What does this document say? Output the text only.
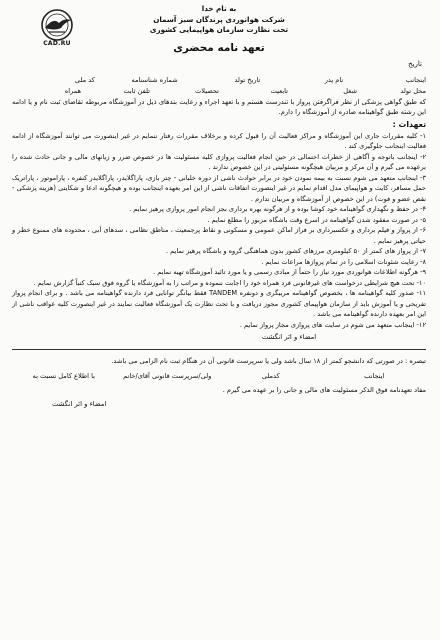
CAD.RU
به نام خدا
شرکت هوانوردی پرندگان سبز آسمان
تحت نظارت سازمان هواپیمایی کشوری
تعهد نامه محضری
تاریخ
اینجانب
نام پدر
تاریخ تولد
شماره شناسنامه
کد ملی
محل تولد
شغل
تابعیت
تحصیلات
تلفن ثابت
همراه
که طبق گواهی پزشکی از نظر فراگرفتن پرواز با تندرست هستم و با تعهد اجراء و رعایت بندهای ذیل در آموزشگاه مربوطه تقاضای ثبت نام و یا ادامه این رشته طبق گواهینامه صادره از آموزشگاه را دارم.
تعهدات :

۱- کلیه مقررات جاری این آموزشگاه و مراکز فعالیت آن را قبول کرده و برخلاف مقررات رفتار ننمایم در غیر اینصورت می توانند آموزشگاه از ادامه فعالیت اینجانب جلوگیری کند .

۲- اینجانب باتوجه و آگاهی از خطرات احتمالی در حین انجام فعالیت پروازی کلیه مسئولیت ها در خصوص ضرر و زیانهای مالی و جانی حادث شده را برعهده می گیرم و آن مرکز و مربیان هیچگونه مسئولیتی در این خصوص ندارند .

۳- اینجانب متعهد می شوم نسبت به بیمه نمودن خود در برابر حوادث ناشی از دوره خلبانی - چتر بازی، پاراگلایدر، پاراگلایدر کنفره ، پاراموتور ، پاراتریک حمل مسافر، کایت و هواپیمای مدل اقدام نمایم در غیر اینصورت اتفاقات ناشی از این امر بعهده اینجانب بوده و هیچگونه ادعا و شکایتی (هزینه پزشکی - نقص عضو و فوت) در این خصوص از آموزشگاه و مربیان ندارم .

۴- در حفظ و نگهداری گواهینامه خود کوشا بوده و از هرگونه بهره برداری بجز انجام امور پروازی پرهیز نمایم .

۵- در صورت مفقود شدن گواهینامه در اسرع وقت باشگاه مزبور را مطلع نمایم .

۶- از پرواز و فیلم برداری و عکسبرداری بر فراز اماکن عمومی و مسکونی و نقاط پرجمعیت ، مناطق نظامی ، سدهای آبی ، محدوده های ممنوع خطر و حیاتی پرهیز نمایم .

۷- از پرواز های کمتر از ۵۰ کیلومتری مرزهای کشور بدون هماهنگی گروه و باشگاه پرهیز نمایم .

۸- رعایت شئونات اسلامی را در تمام پروازها مراعات نمایم .

۹- هرگونه اطلاعات هوانوردی مورد نیاز را حتماً از مبادی رسمی و یا مورد تائید آموزشگاه تهیه نمایم .

۱۰- تحت هیچ شرایطی درخواست های غیرقانونی فرد همراه خود را اجابت ننموده و مراتب را به آموزشگاه یا گروه فوق سبک کتباً گزارش نمایم .

۱۱- صدور کلیه گواهینامه ها ، بخصوص گواهینامه مربیگری و دونفره TANDEM فقط بیانگر توانایی فرد دارنده گواهینامه می باشد . و برای انجام پرواز تفریحی و یا آموزش باید از سازمان هواپیمای کشوری مجوز دریافت و با تحت نظارت یک آموزشگاه فعالیت نمایند در غیر اینصورت کلیه عواقب ناشی از این امر بعهده دارنده گواهینامه می باشد .

۱۲- اینجانب متعهد می شوم در سایت های پروازی مجاز پرواز نمایم .

امضاء و اثر انگشت
تبصره : در صورتی که دانشجو کمتر از ۱۸ سال باشد ولی یا سرپرست قانونی آن در هنگام ثبت نام الزامی می باشد.
اینجانب
کدملی
ولی/سرپرست قانونی آقای/خانم
با اطلاع کامل نسبت به
مفاد تعهدنامه فوق الذکر مسئولیت های مالی و جانی را بر عهده می گیرم .
امضاء و اثر انگشت
